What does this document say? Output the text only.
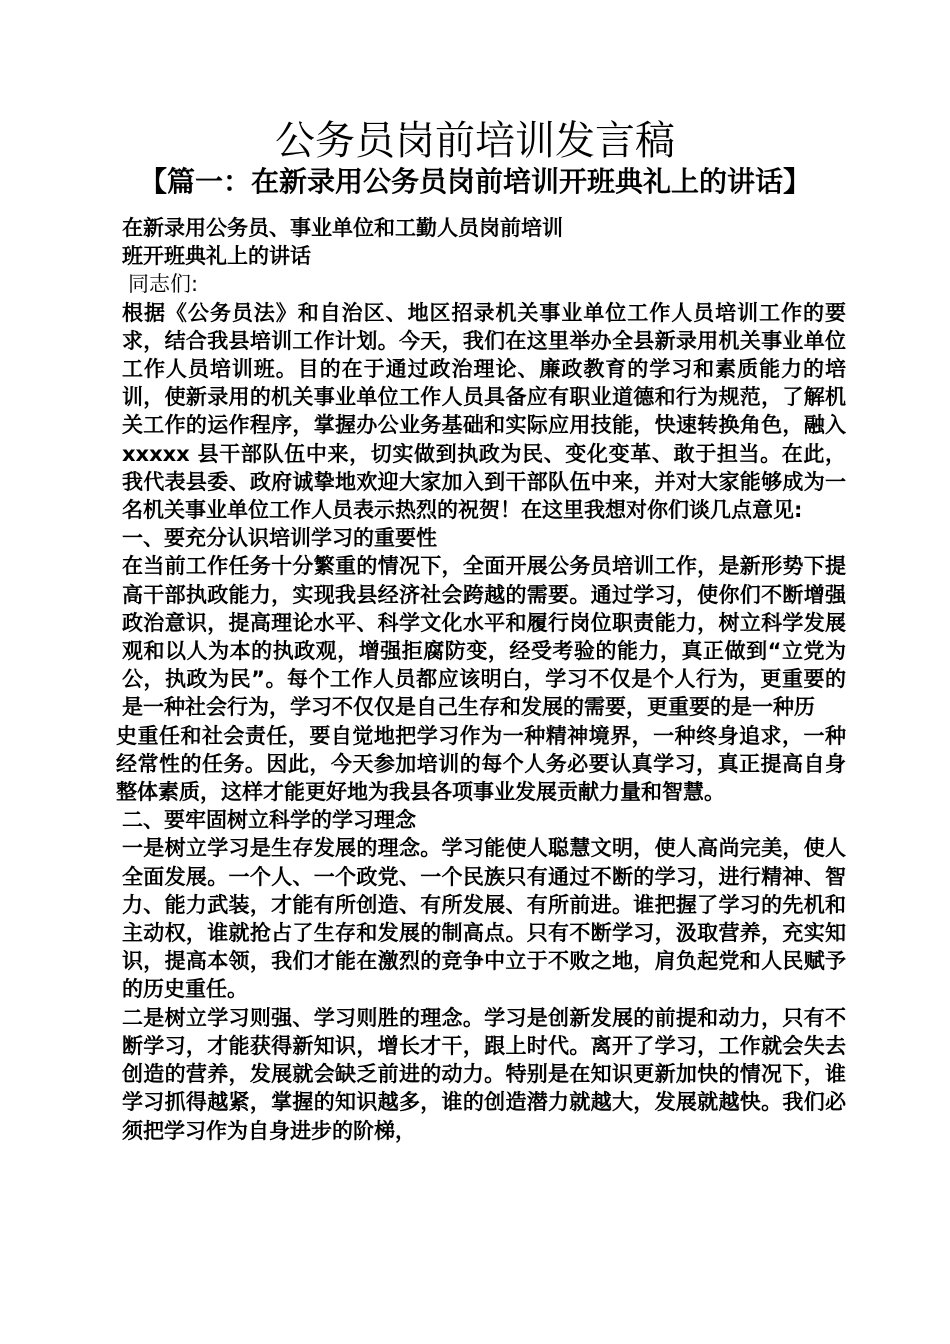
公务员岗前培训发言稿
【篇一：在新录用公务员岗前培训开班典礼上的讲话】

在新录用公务员、事业单位和工勤人员岗前培训

班开班典礼上的讲话

同志们:

根据《公务员法》和自治区、地区招录机关事业单位工作人员培训工作的要求，结合我县培训工作计划。今天，我们在这里举办全县新录用机关事业单位工作人员培训班。目的在于通过政治理论、廉政教育的学习和素质能力的培训，使新录用的机关事业单位工作人员具备应有职业道德和行为规范，了解机关工作的运作程序，掌握办公业务基础和实际应用技能，快速转换角色，融入 xxxxx 县干部队伍中来，切实做到执政为民、变化变革、敢于担当。在此，我代表县委、政府诚挚地欢迎大家加入到干部队伍中来，并对大家能够成为一名机关事业单位工作人员表示热烈的祝贺！在这里我想对你们谈几点意见:

一、要充分认识培训学习的重要性

在当前工作任务十分繁重的情况下，全面开展公务员培训工作，是新形势下提高干部执政能力，实现我县经济社会跨越的需要。通过学习，使你们不断增强政治意识，提高理论水平、科学文化水平和履行岗位职责能力，树立科学发展观和以人为本的执政观，增强拒腐防变，经受考验的能力，真正做到“立党为公，执政为民”。每个工作人员都应该明白，学习不仅是个人行为，更重要的是一种社会行为，学习不仅仅是自己生存和发展的需要，更重要的是一种历

史重任和社会责任，要自觉地把学习作为一种精神境界，一种终身追求，一种经常性的任务。因此，今天参加培训的每个人务必要认真学习，真正提高自身整体素质，这样才能更好地为我县各项事业发展贡献力量和智慧。

二、要牢固树立科学的学习理念

一是树立学习是生存发展的理念。学习能使人聪慧文明，使人高尚完美，使人全面发展。一个人、一个政党、一个民族只有通过不断的学习，进行精神、智力、能力武装，才能有所创造、有所发展、有所前进。谁把握了学习的先机和主动权，谁就抢占了生存和发展的制高点。只有不断学习，汲取营养，充实知识，提高本领，我们才能在激烈的竞争中立于不败之地，肩负起党和人民赋予的历史重任。

二是树立学习则强、学习则胜的理念。学习是创新发展的前提和动力，只有不断学习，才能获得新知识，增长才干，跟上时代。离开了学习，工作就会失去创造的营养，发展就会缺乏前进的动力。特别是在知识更新加快的情况下，谁学习抓得越紧，掌握的知识越多，谁的创造潜力就越大，发展就越快。我们必须把学习作为自身进步的阶梯，
